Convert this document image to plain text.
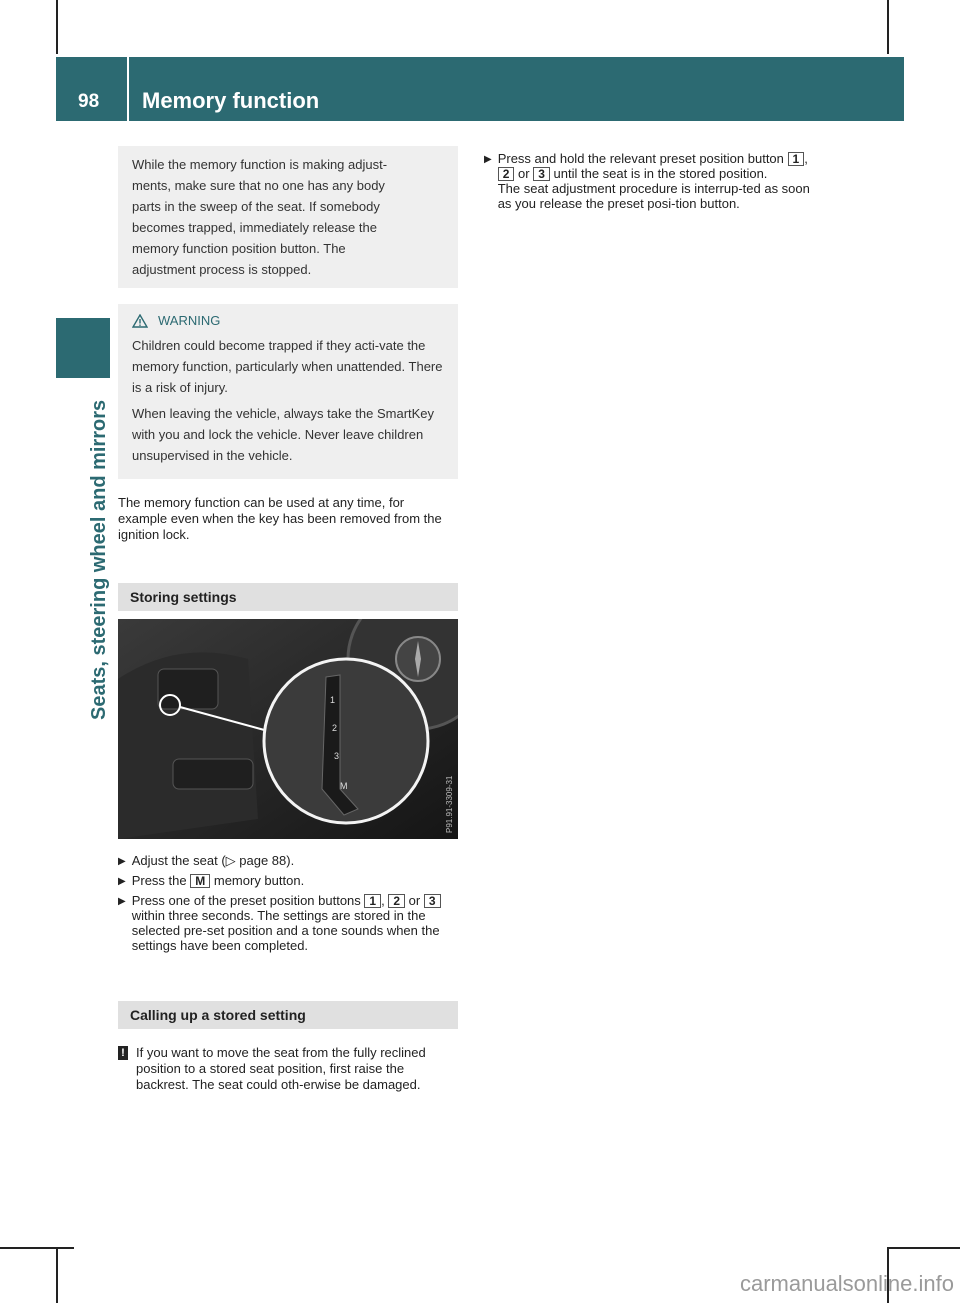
98 Memory function
Seats, steering wheel and mirrors
While the memory function is making adjust-
ments, make sure that no one has any body
parts in the sweep of the seat. If somebody
becomes trapped, immediately release the
memory function position button. The
adjustment process is stopped.
WARNING

Children could become trapped if they acti-vate the memory function, particularly when unattended. There is a risk of injury.

When leaving the vehicle, always take the SmartKey with you and lock the vehicle. Never leave children unsupervised in the vehicle.

The memory function can be used at any time, for example even when the key has been removed from the ignition lock.
Storing settings
1
2
3
M	P91.91-3309-31
▶ Adjust the seat (▷ page 88).
▶ Press the M memory button.
▶ Press one of the preset position buttons 1 , 2 or 3 within three seconds. The settings are stored in the selected pre-set position and a tone sounds when the settings have been completed.
Calling up a stored setting
! If you want to move the seat from the fully reclined position to a stored seat position, first raise the backrest. The seat could oth-erwise be damaged.
▶ Press and hold the relevant preset position button 1 , 2 or 3 until the seat is in the stored position.
The seat adjustment procedure is interrup-ted as soon as you release the preset posi-tion button.
carmanualsonline.info
